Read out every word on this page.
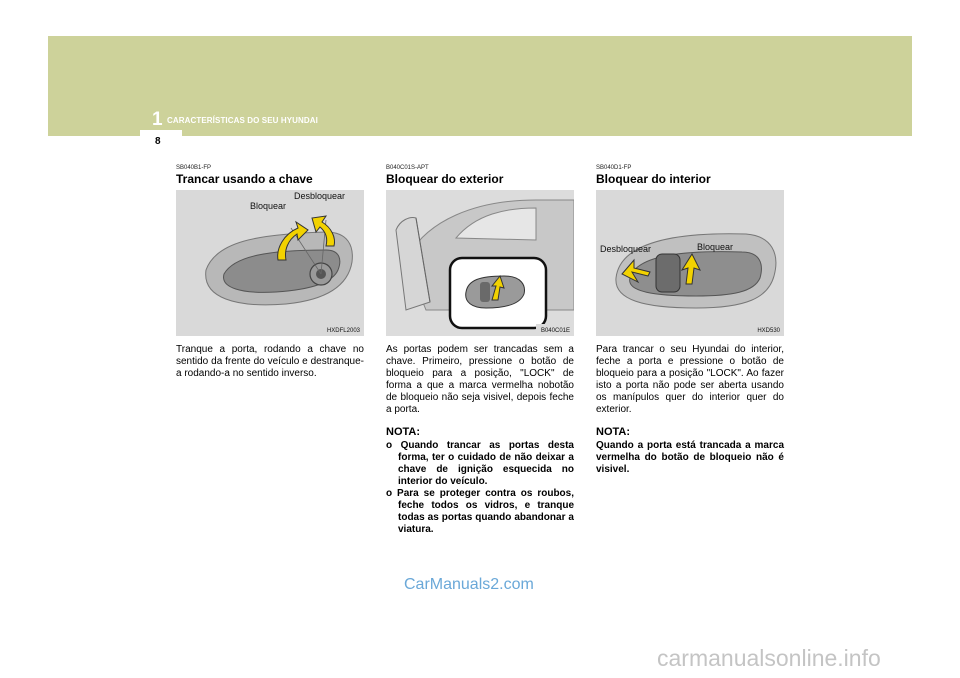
1 CARACTERÍSTICAS DO SEU HYUNDAI
8

SB040B1-FP

Trancar usando a chave

Bloquear
Desbloquear
HXDFL2003

Tranque a porta, rodando a chave no sentido da frente do veículo e destranque-a rodando-a no sentido inverso.

B040C01S-APT

Bloquear do exterior

B040C01E

As portas podem ser trancadas sem a chave. Primeiro, pressione o botão de bloqueio para a posição, "LOCK" de forma a que a marca vermelha nobotão de bloqueio não seja visivel, depois feche a porta.

NOTA:

o Quando trancar as portas desta forma, ter o cuidado de não deixar a chave de ignição esquecida no interior do veículo.

o Para se proteger contra os roubos, feche todos os vidros, e tranque todas as portas quando abandonar a viatura.

SB040D1-FP

Bloquear do interior

Desbloquear	Bloquear
HXD530

Para trancar o seu Hyundai do interior, feche a porta e pressione o botão de bloqueio para a posição "LOCK". Ao fazer isto a porta não pode ser aberta usando os manípulos quer do interior quer do exterior.

NOTA:

Quando a porta está trancada a marca vermelha do botão de bloqueio não é visivel.

CarManuals2.com
carmanualsonline.info
